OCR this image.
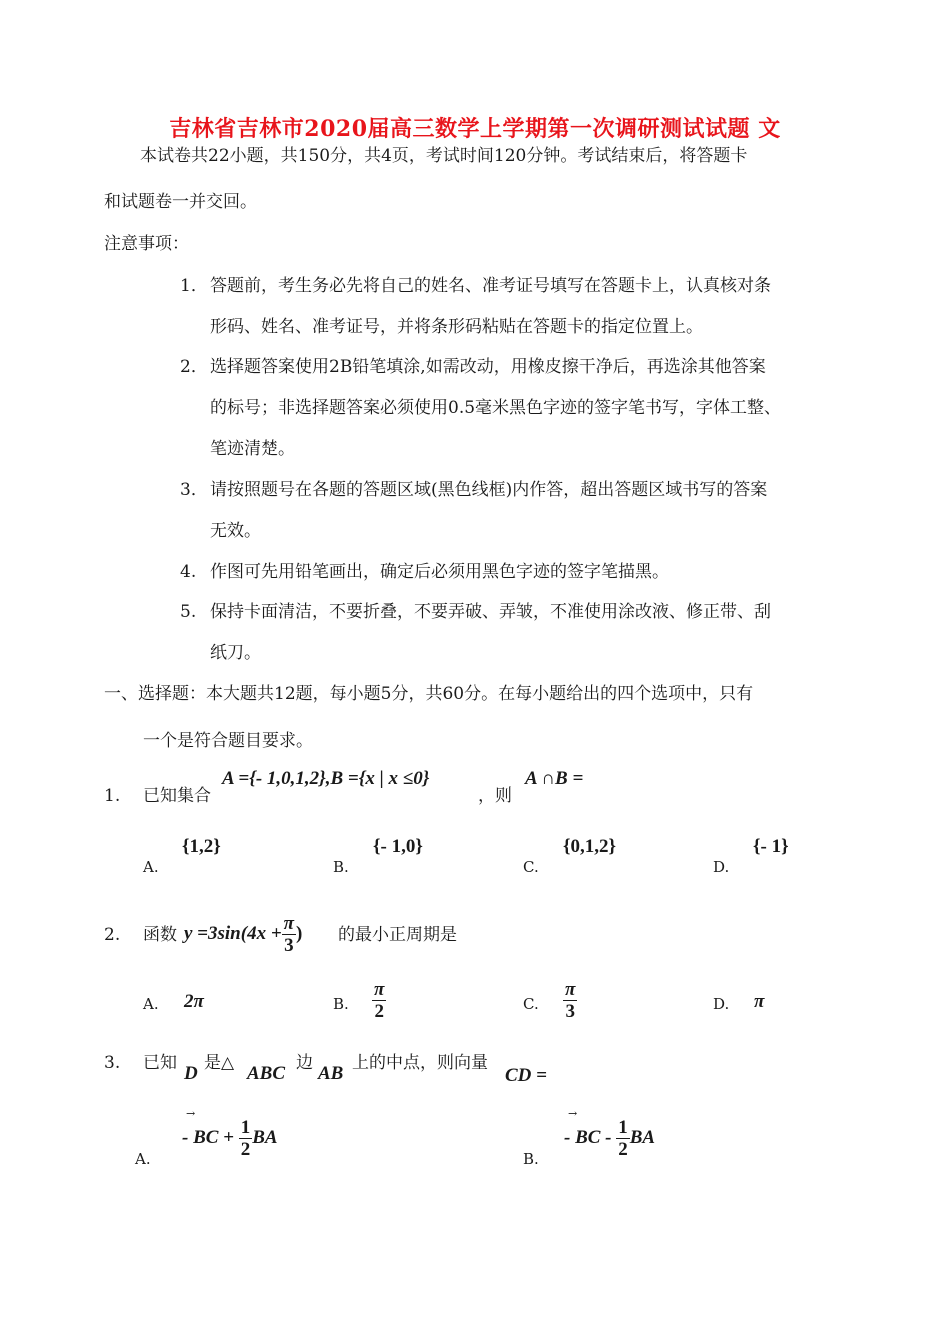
吉林省吉林市2020届高三数学上学期第一次调研测试试题 文
本试卷共22小题，共150分，共4页，考试时间120分钟。考试结束后，将答题卡
和试题卷一并交回。
注意事项：
1． 答题前，考生务必先将自己的姓名、准考证号填写在答题卡上，认真核对条
形码、姓名、准考证号，并将条形码粘贴在答题卡的指定位置上。
2． 选择题答案使用2B铅笔填涂,如需改动，用橡皮擦干净后，再选涂其他答案
的标号；非选择题答案必须使用0.5毫米黑色字迹的签字笔书写，字体工整、
笔迹清楚。
3． 请按照题号在各题的答题区域(黑色线框)内作答，超出答题区域书写的答案
无效。
4. 作图可先用铅笔画出，确定后必须用黑色字迹的签字笔描黑。
5. 保持卡面清洁，不要折叠，不要弄破、弄皱，不准使用涂改液、修正带、刮
纸刀。
一、选择题：本大题共12题，每小题5分，共60分。在每小题给出的四个选项中，只有
一个是符合题目要求。
1. 已知集合
A ={- 1,0,1,2},B ={x | x ≤0}
，则
A ∩B =
A.
{1,2}
B.
{- 1,0}
C.
{0,1,2}
D.
{- 1}
2. 函数 $y =3\sin(4x + \frac{\pi}{3}$ ) 的最小正周期是
A. 2π	B. $\frac{\pi}{2}$	C. $\frac{\pi}{3}$	D. π
3. 已知 D 是△ ABC 边 AB 上的中点，则向量
CD =
A.
→
- BC + $\frac{1}{2}$ BA
B.
→
- BC - $\frac{1}{2}$ BA
